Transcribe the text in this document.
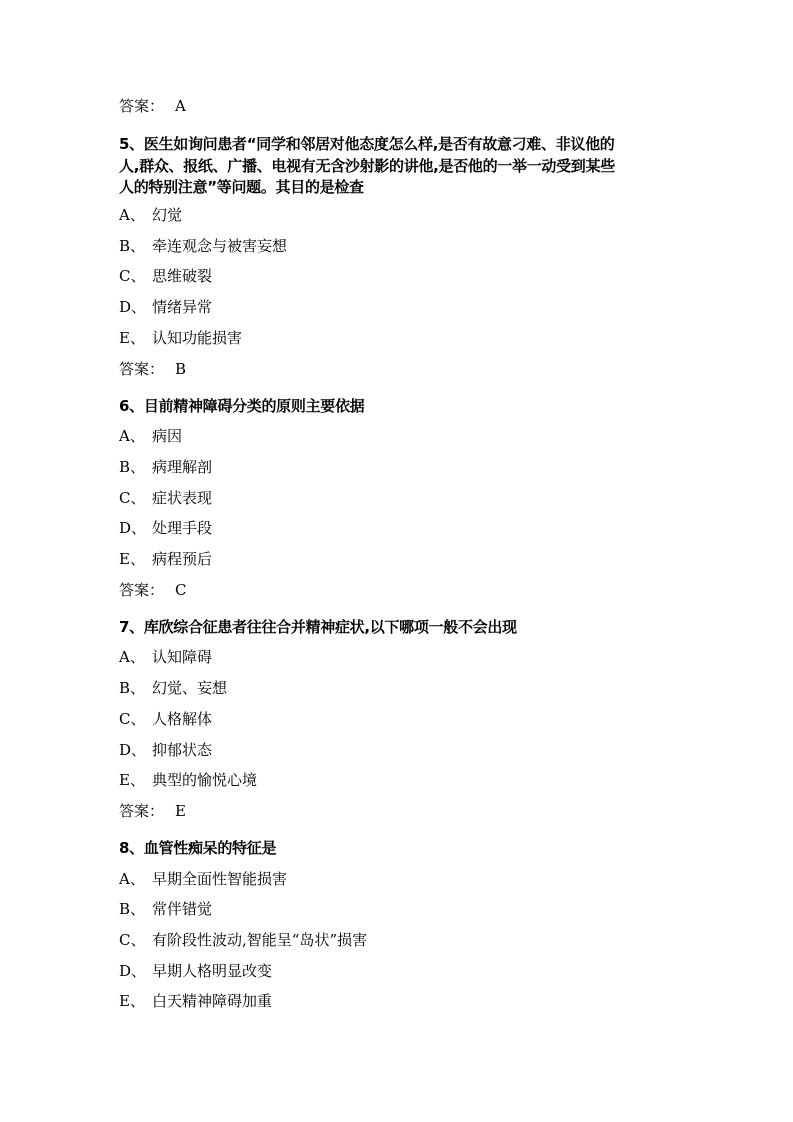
答案： A
5、医生如询问患者“同学和邻居对他态度怎么样,是否有故意刁难、非议他的
人,群众、报纸、广播、电视有无含沙射影的讲他,是否他的一举一动受到某些
人的特别注意”等问题。其目的是检查
A、 幻觉
B、 牵连观念与被害妄想
C、 思维破裂
D、 情绪异常
E、 认知功能损害
答案： B
6、目前精神障碍分类的原则主要依据
A、 病因
B、 病理解剖
C、 症状表现
D、 处理手段
E、 病程预后
答案： C
7、库欣综合征患者往往合并精神症状,以下哪项一般不会出现
A、 认知障碍
B、 幻觉、妄想
C、 人格解体
D、 抑郁状态
E、 典型的愉悦心境
答案： E
8、血管性痴呆的特征是
A、 早期全面性智能损害
B、 常伴错觉
C、 有阶段性波动,智能呈“岛状”损害
D、 早期人格明显改变
E、 白天精神障碍加重
